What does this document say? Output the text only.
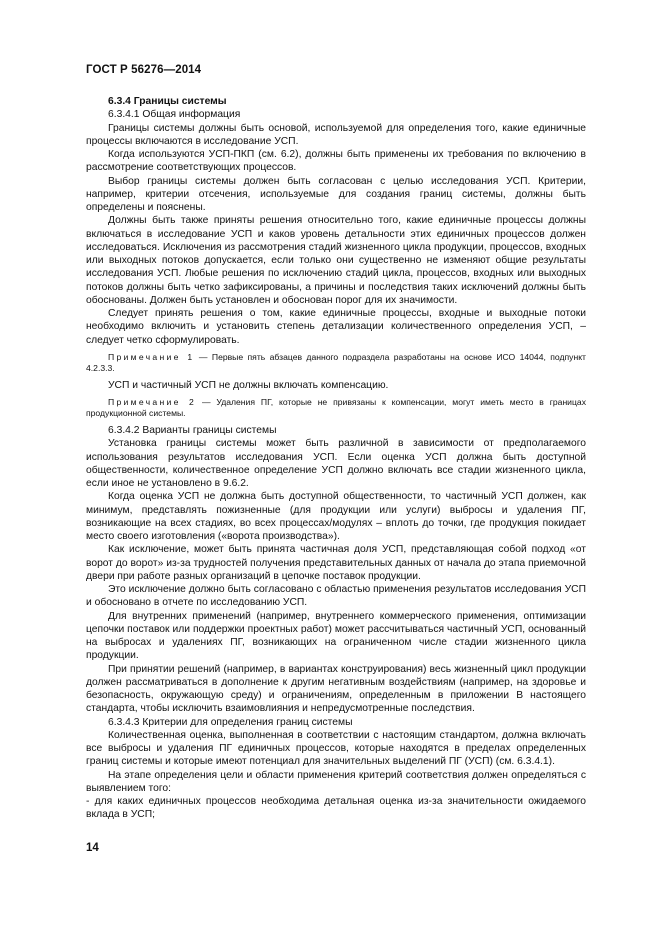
ГОСТ Р 56276—2014

6.3.4 Границы системы

6.3.4.1 Общая информация

Границы системы должны быть основой, используемой для определения того, какие единичные процессы включаются в исследование УСП.

Когда используются УСП-ПКП (см. 6.2), должны быть применены их требования по включению в рассмотрение соответствующих процессов.

Выбор границы системы должен быть согласован с целью исследования УСП. Критерии, например, критерии отсечения, используемые для создания границ системы, должны быть определены и пояснены.

Должны быть также приняты решения относительно того, какие единичные процессы должны включаться в исследование УСП и каков уровень детальности этих единичных процессов должен исследоваться. Исключения из рассмотрения стадий жизненного цикла продукции, процессов, входных или выходных потоков допускается, если только они существенно не изменяют общие результаты исследования УСП. Любые решения по исключению стадий цикла, процессов, входных или выходных потоков должны быть четко зафиксированы, а причины и последствия таких исключений должны быть обоснованы. Должен быть установлен и обоснован порог для их значимости.

Следует принять решения о том, какие единичные процессы, входные и выходные потоки необходимо включить и установить степень детализации количественного определения УСП, – следует четко сформулировать.

Примечание 1 — Первые пять абзацев данного подраздела разработаны на основе ИСО 14044, подпункт 4.2.3.3.

УСП и частичный УСП не должны включать компенсацию.

Примечание 2 — Удаления ПГ, которые не привязаны к компенсации, могут иметь место в границах продукционной системы.

6.3.4.2 Варианты границы системы

Установка границы системы может быть различной в зависимости от предполагаемого использования результатов исследования УСП. Если оценка УСП должна быть доступной общественности, количественное определение УСП должно включать все стадии жизненного цикла, если иное не установлено в 9.6.2.

Когда оценка УСП не должна быть доступной общественности, то частичный УСП должен, как минимум, представлять пожизненные (для продукции или услуги) выбросы и удаления ПГ, возникающие на всех стадиях, во всех процессах/модулях – вплоть до точки, где продукция покидает место своего изготовления («ворота производства»).

Как исключение, может быть принята частичная доля УСП, представляющая собой подход «от ворот до ворот» из-за трудностей получения представительных данных от начала до этапа приемочной двери при работе разных организаций в цепочке поставок продукции.

Это исключение должно быть согласовано с областью применения результатов исследования УСП и обосновано в отчете по исследованию УСП.

Для внутренних применений (например, внутреннего коммерческого применения, оптимизации цепочки поставок или поддержки проектных работ) может рассчитываться частичный УСП, основанный на выбросах и удалениях ПГ, возникающих на ограниченном числе стадии жизненного цикла продукции.

При принятии решений (например, в вариантах конструирования) весь жизненный цикл продукции должен рассматриваться в дополнение к другим негативным воздействиям (например, на здоровье и безопасность, окружающую среду) и ограничениям, определенным в приложении В настоящего стандарта, чтобы исключить взаимовлияния и непредусмотренные последствия.

6.3.4.3 Критерии для определения границ системы

Количественная оценка, выполненная в соответствии с настоящим стандартом, должна включать все выбросы и удаления ПГ единичных процессов, которые находятся в пределах определенных границ системы и которые имеют потенциал для значительных выделений ПГ (УСП) (см. 6.3.4.1).

На этапе определения цели и области применения критерий соответствия должен определяться с выявлением того:

- для каких единичных процессов необходима детальная оценка из-за значительности ожидаемого вклада в УСП;

14
